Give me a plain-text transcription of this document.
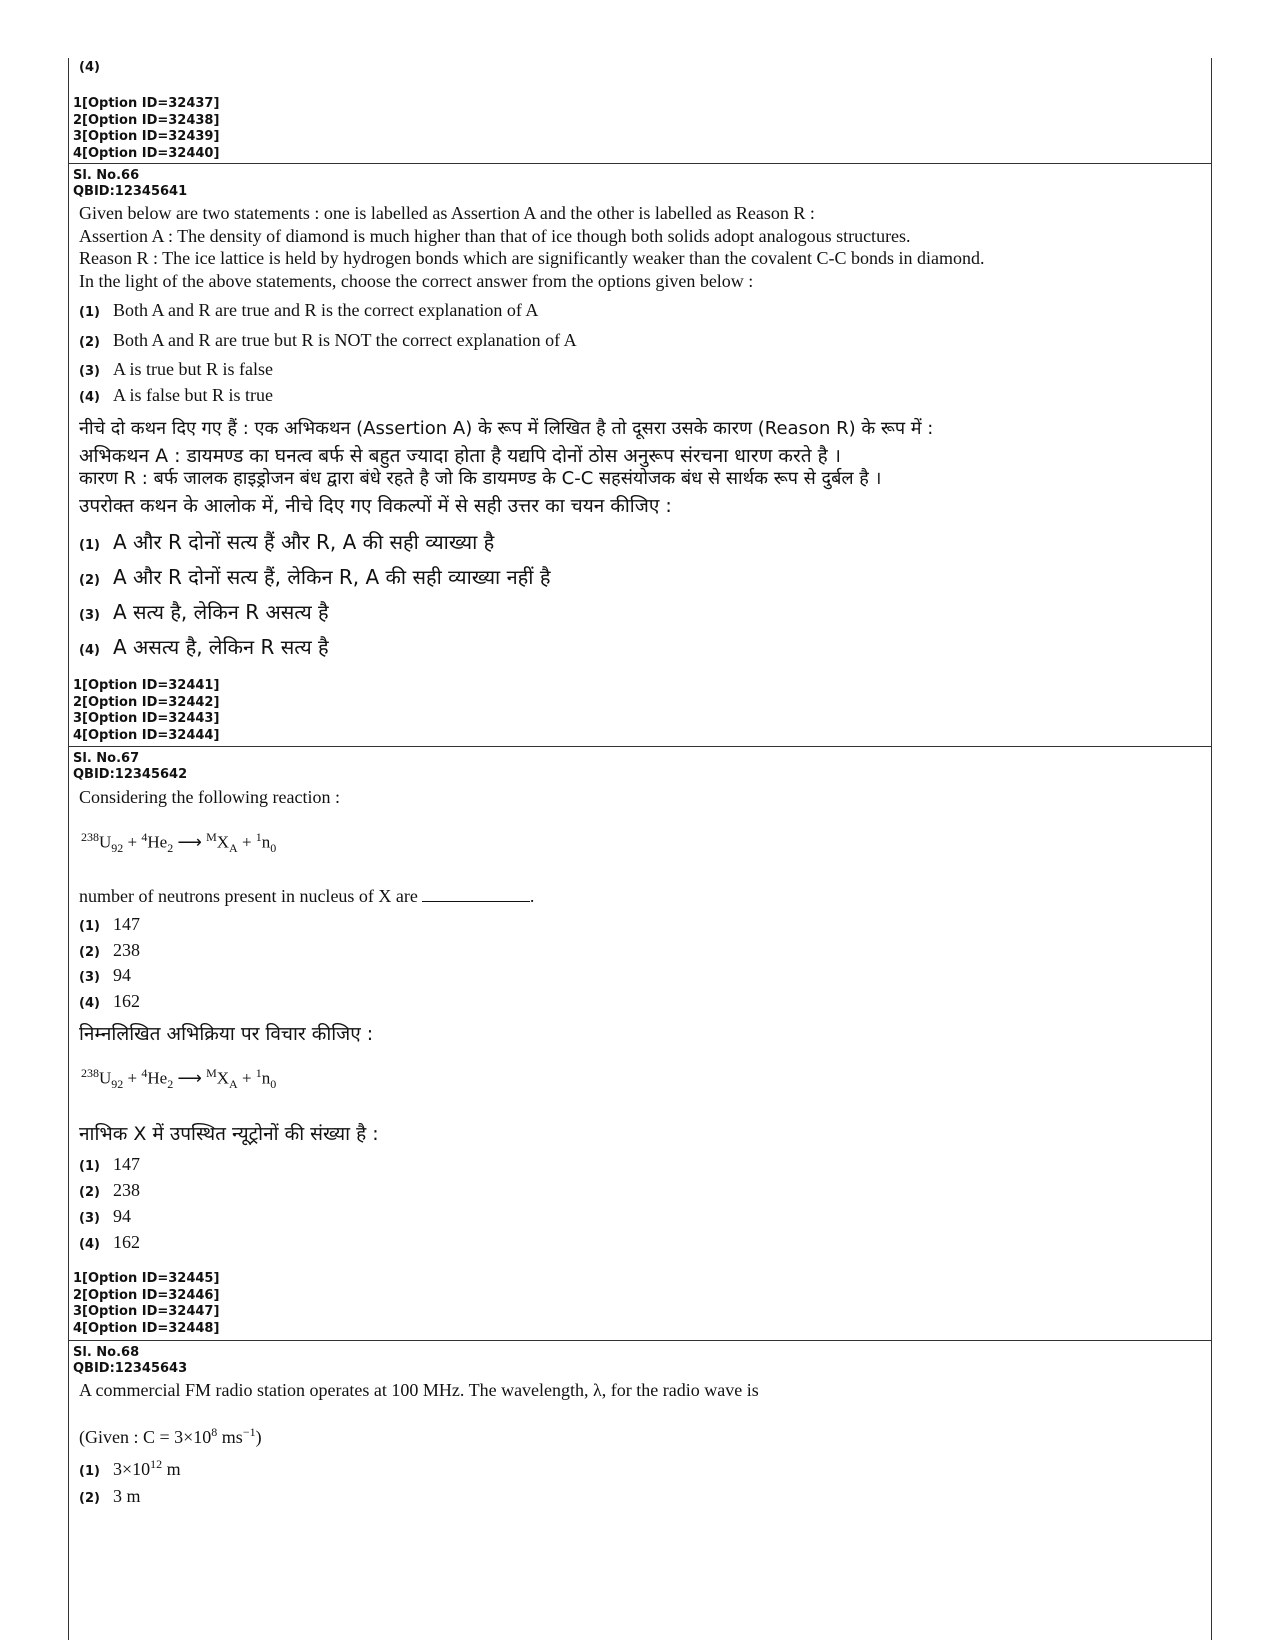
(4)
1[Option ID=32437]
2[Option ID=32438]
3[Option ID=32439]
4[Option ID=32440]
Sl. No.66
QBID:12345641
Given below are two statements : one is labelled as Assertion A and the other is labelled as Reason R :
Assertion A : The density of diamond is much higher than that of ice though both solids adopt analogous structures.
Reason R : The ice lattice is held by hydrogen bonds which are significantly weaker than the covalent C-C bonds in diamond.
In the light of the above statements, choose the correct answer from the options given below :
(1) Both A and R are true and R is the correct explanation of A
(2) Both A and R are true but R is NOT the correct explanation of A
(3) A is true but R is false
(4) A is false but R is true
नीचे दो कथन दिए गए हैं : एक अभिकथन (Assertion A) के रूप में लिखित है तो दूसरा उसके कारण (Reason R) के रूप में :
अभिकथन A : डायमण्ड का घनत्व बर्फ से बहुत ज्यादा होता है यद्यपि दोनों ठोस अनुरूप संरचना धारण करते है ।
कारण R : बर्फ जालक हाइड्रोजन बंध द्वारा बंधे रहते है जो कि डायमण्ड के C-C सहसंयोजक बंध से सार्थक रूप से दुर्बल है ।
उपरोक्त कथन के आलोक में, नीचे दिए गए विकल्पों में से सही उत्तर का चयन कीजिए :
(1) A और R दोनों सत्य हैं और R, A की सही व्याख्या है
(2) A और R दोनों सत्य हैं, लेकिन R, A की सही व्याख्या नहीं है
(3) A सत्य है, लेकिन R असत्य है
(4) A असत्य है, लेकिन R सत्य है
1[Option ID=32441]
2[Option ID=32442]
3[Option ID=32443]
4[Option ID=32444]
Sl. No.67
QBID:12345642
Considering the following reaction :
$^{238}U_{92} + ^4He_2$ ⟶ $^MX_A + ^1n_0$
number of neutrons present in nucleus of X are	.
(1) 147
(2) 238
(3) 94
(4) 162
निम्नलिखित अभिक्रिया पर विचार कीजिए :
$^{238}U_{92} + ^4He_2$ ⟶ $^MX_A + ^1n_0$
नाभिक X में उपस्थित न्यूट्रोनों की संख्या है :
(1) 147
(2) 238
(3) 94
(4) 162
1[Option ID=32445]
2[Option ID=32446]
3[Option ID=32447]
4[Option ID=32448]
Sl. No.68
QBID:12345643
A commercial FM radio station operates at 100 MHz. The wavelength, λ, for the radio wave is
(Given : $C = 3\times 10^8$ $ms^{-1}$)
(1) $3\times 10^{12}$ m
(2) 3 m
